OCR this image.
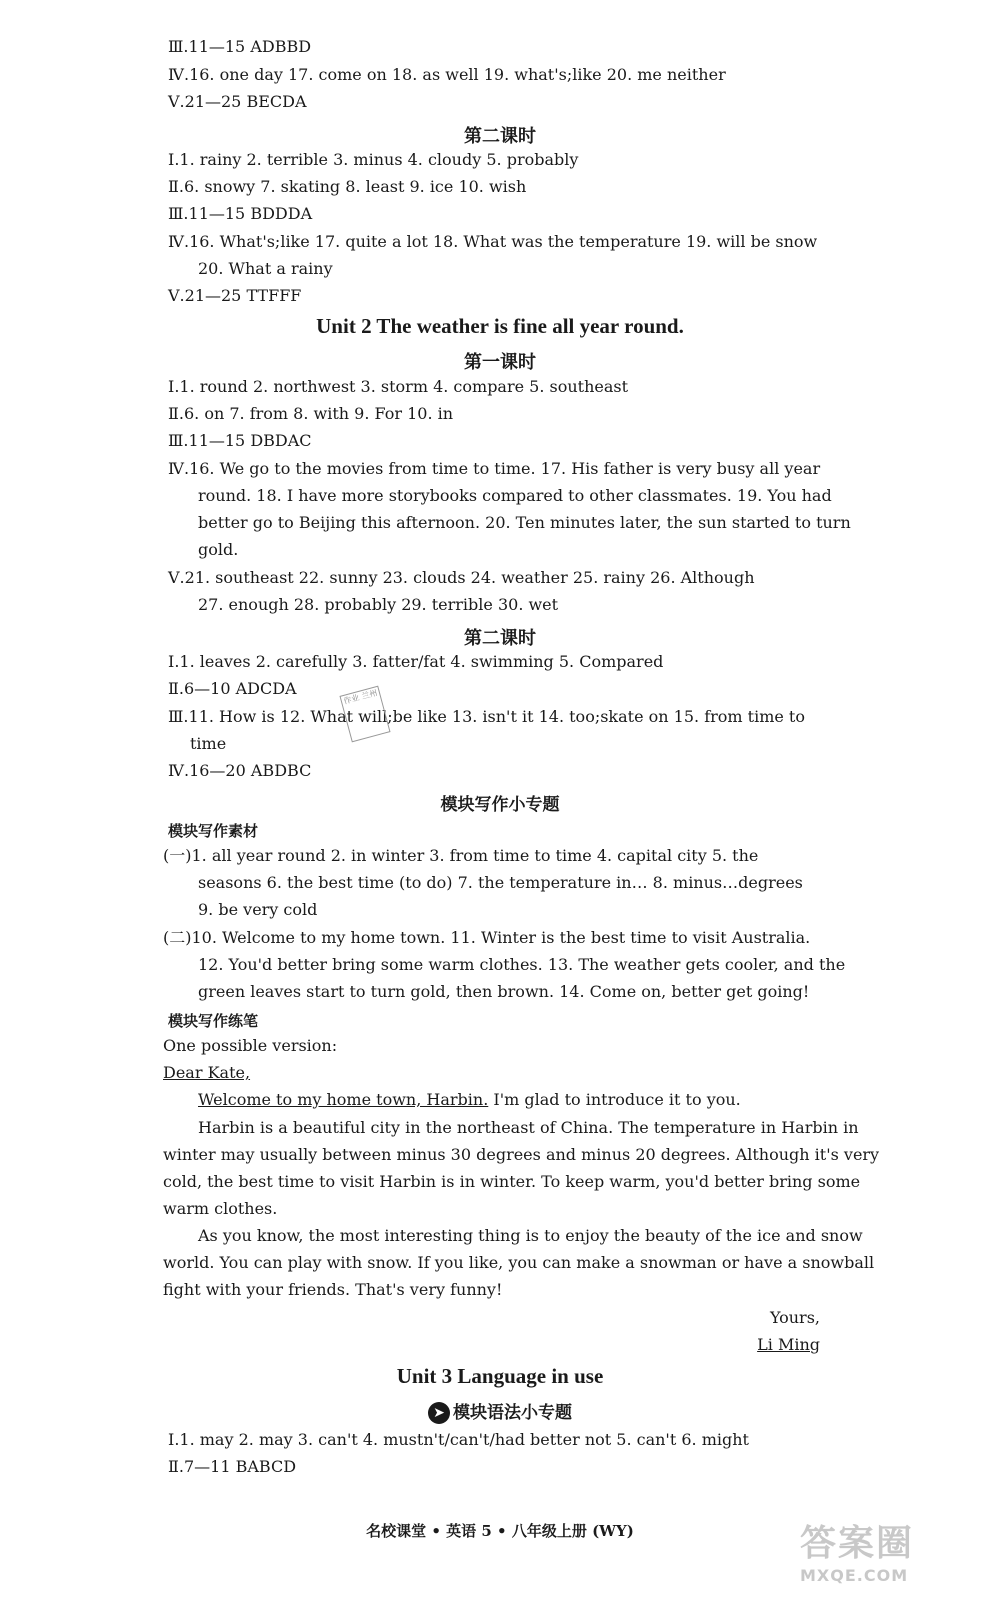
Ⅲ.11—15 ADBBD
Ⅳ.16. one day 17. come on 18. as well 19. what's;like 20. me neither
Ⅴ.21—25 BECDA
第二课时
Ⅰ.1. rainy 2. terrible 3. minus 4. cloudy 5. probably
Ⅱ.6. snowy 7. skating 8. least 9. ice 10. wish
Ⅲ.11—15 BDDDA
Ⅳ.16. What's;like 17. quite a lot 18. What was the temperature 19. will be snow
20. What a rainy
Ⅴ.21—25 TTFFF
Unit 2 The weather is fine all year round.
第一课时
Ⅰ.1. round 2. northwest 3. storm 4. compare 5. southeast
Ⅱ.6. on 7. from 8. with 9. For 10. in
Ⅲ.11—15 DBDAC
Ⅳ.16. We go to the movies from time to time. 17. His father is very busy all year
round. 18. I have more storybooks compared to other classmates. 19. You had
better go to Beijing this afternoon. 20. Ten minutes later, the sun started to turn
gold.
Ⅴ.21. southeast 22. sunny 23. clouds 24. weather 25. rainy 26. Although
27. enough 28. probably 29. terrible 30. wet
第二课时
Ⅰ.1. leaves 2. carefully 3. fatter/fat 4. swimming 5. Compared
Ⅱ.6—10 ADCDA
Ⅲ.11. How is 12. What will;be like 13. isn't it 14. too;skate on 15. from time to
time
Ⅳ.16—20 ABDBC
作业 兰州
模块写作小专题
模块写作素材
(一)1. all year round 2. in winter 3. from time to time 4. capital city 5. the
seasons 6. the best time (to do) 7. the temperature in… 8. minus…degrees
9. be very cold
(二)10. Welcome to my home town. 11. Winter is the best time to visit Australia.
12. You'd better bring some warm clothes. 13. The weather gets cooler, and the
green leaves start to turn gold, then brown. 14. Come on, better get going!
模块写作练笔
One possible version:
Dear Kate,
Welcome to my home town, Harbin. I'm glad to introduce it to you.
Harbin is a beautiful city in the northeast of China. The temperature in Harbin in
winter may usually between minus 30 degrees and minus 20 degrees. Although it's very
cold, the best time to visit Harbin is in winter. To keep warm, you'd better bring some
warm clothes.
As you know, the most interesting thing is to enjoy the beauty of the ice and snow
world. You can play with snow. If you like, you can make a snowman or have a snowball
fight with your friends. That's very funny!
Yours,
Li Ming
Unit 3 Language in use
➤ 模块语法小专题
Ⅰ.1. may 2. may 3. can't 4. mustn't/can't/had better not 5. can't 6. might
Ⅱ.7—11 BABCD
名校课堂 • 英语 5 • 八年级上册 (WY)	答案圈
MXQE.COM
